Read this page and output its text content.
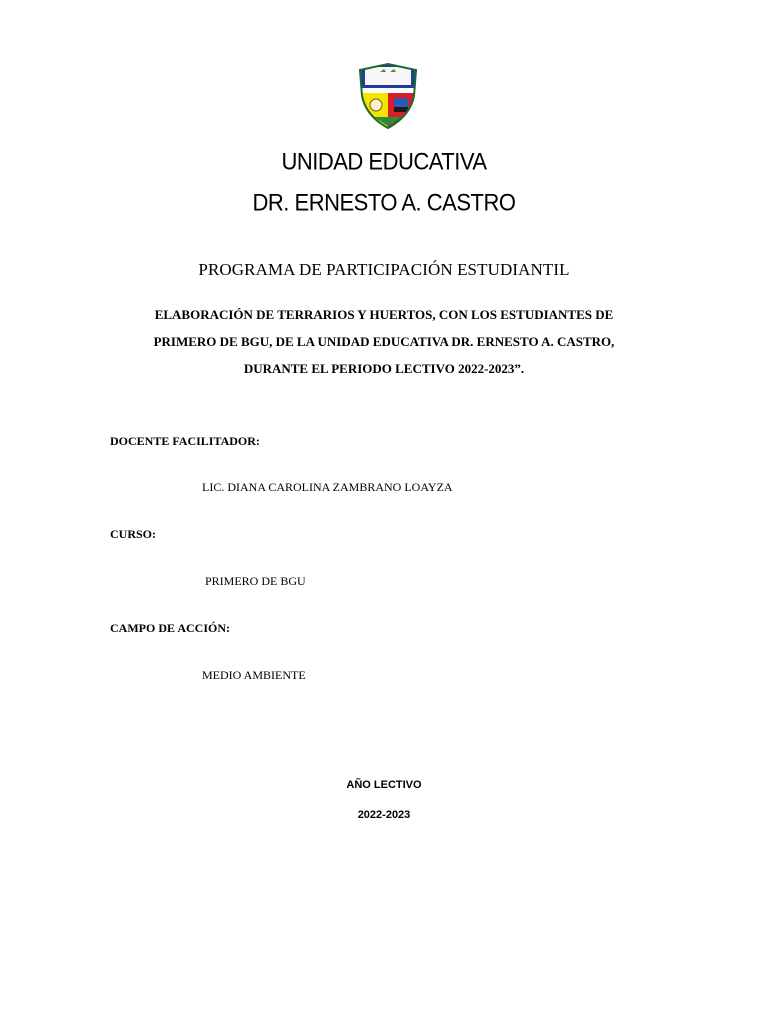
UNIDAD EDUCATIVA
DR. ERNESTO A. CASTRO
PROGRAMA DE PARTICIPACIÓN ESTUDIANTIL
ELABORACIÓN DE TERRARIOS Y HUERTOS, CON LOS ESTUDIANTES DE
PRIMERO DE BGU, DE LA UNIDAD EDUCATIVA DR. ERNESTO A. CASTRO,
DURANTE EL PERIODO LECTIVO 2022-2023”.
DOCENTE FACILITADOR:
LIC. DIANA CAROLINA ZAMBRANO LOAYZA
CURSO:
PRIMERO DE BGU
CAMPO DE ACCIÓN:
MEDIO AMBIENTE
AÑO LECTIVO
2022-2023
